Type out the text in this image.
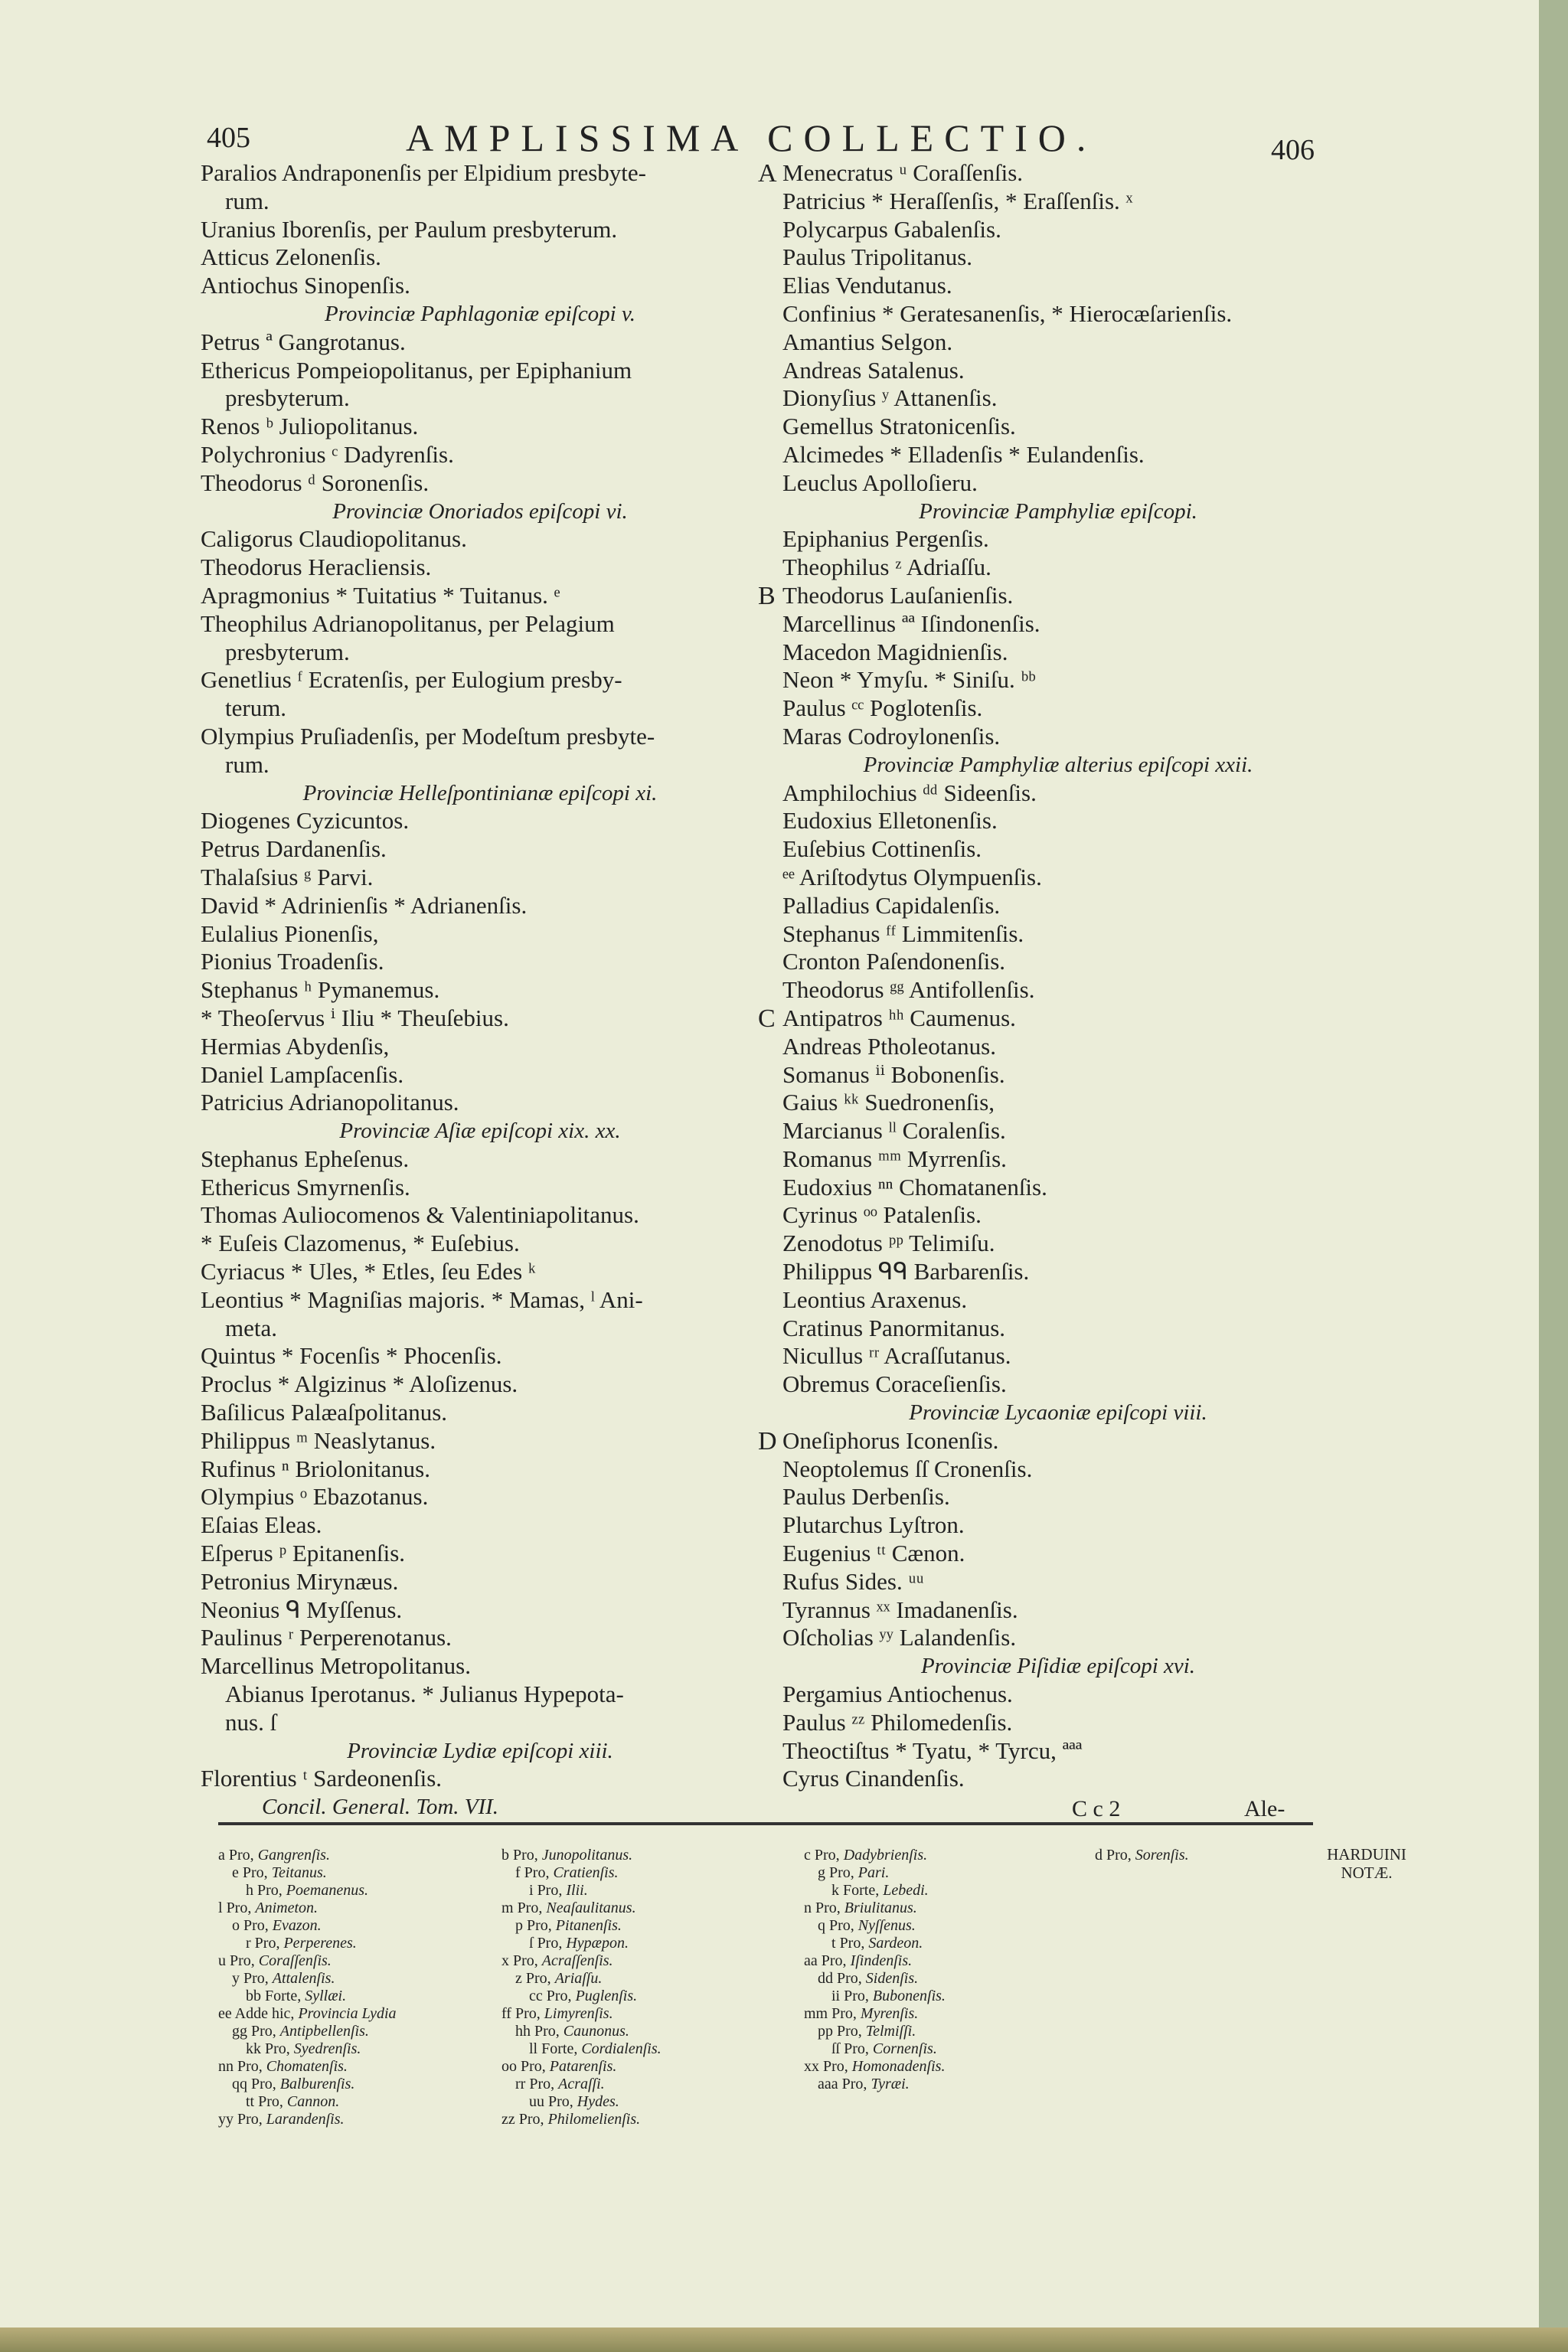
405	AMPLISSIMA COLLECTIO.	406
Paralios Andraponenſis per Elpidium presbyte-
rum.
Uranius Iborenſis, per Paulum presbyterum.
Atticus Zelonenſis.
Antiochus Sinopenſis.
Provinciæ Paphlagoniæ epiſcopi v.
Petrus ª Gangrotanus.
Ethericus Pompeiopolitanus, per Epiphanium
presbyterum.
Renos ᵇ Juliopolitanus.
Polychronius ᶜ Dadyrenſis.
Theodorus ᵈ Soronenſis.
Provinciæ Onoriados epiſcopi vi.
Caligorus Claudiopolitanus.
Theodorus Heracliensis.
Apragmonius * Tuitatius * Tuitanus. ᵉ
Theophilus Adrianopolitanus, per Pelagium
presbyterum.
Genetlius ᶠ Ecratenſis, per Eulogium presby-
terum.
Olympius Pruſiadenſis, per Modeſtum presbyte-
rum.
Provinciæ Helleſpontinianæ epiſcopi xi.
Diogenes Cyzicuntos.
Petrus Dardanenſis.
Thalaſsius ᵍ Parvi.
David * Adrinienſis * Adrianenſis.
Eulalius Pionenſis,
Pionius Troadenſis.
Stephanus ʰ Pymanemus.
* Theoſervus ⁱ Iliu * Theuſebius.
Hermias Abydenſis,
Daniel Lampſacenſis.
Patricius Adrianopolitanus.
Provinciæ Aſiæ epiſcopi xix. xx.
Stephanus Epheſenus.
Ethericus Smyrnenſis.
Thomas Auliocomenos & Valentiniapolitanus.
* Euſeis Clazomenus, * Euſebius.
Cyriacus * Ules, * Etles, ſeu Edes ᵏ
Leontius * Magniſias majoris. * Mamas, ˡ Ani-
meta.
Quintus * Focenſis * Phocenſis.
Proclus * Algizinus * Aloſizenus.
Baſilicus Palæaſpolitanus.
Philippus ᵐ Neaslytanus.
Rufinus ⁿ Briolonitanus.
Olympius ᵒ Ebazotanus.
Eſaias Eleas.
Eſperus ᵖ Epitanenſis.
Petronius Mirynæus.
Neonius ᑫ Myſſenus.
Paulinus ʳ Perperenotanus.
Marcellinus Metropolitanus.
Abianus Iperotanus. * Julianus Hypepota-
nus. ſ
Provinciæ Lydiæ epiſcopi xiii.
Florentius ᵗ Sardeonenſis.
Concil. General. Tom. VII.
Menecratus ᵘ Coraſſenſis.
Patricius * Heraſſenſis, * Eraſſenſis. ˣ
Polycarpus Gabalenſis.
Paulus Tripolitanus.
Elias Vendutanus.
Confinius * Geratesanenſis, * Hierocæſarienſis.
Amantius Selgon.
Andreas Satalenus.
Dionyſius ʸ Attanenſis.
Gemellus Stratonicenſis.
Alcimedes * Elladenſis * Eulandenſis.
Leuclus Apolloſieru.
Provinciæ Pamphyliæ epiſcopi.
Epiphanius Pergenſis.
Theophilus ᶻ Adriaſſu.
Theodorus Lauſanienſis.
Marcellinus ªª Iſindonenſis.
Macedon Magidnienſis.
Neon * Ymyſu. * Siniſu. ᵇᵇ
Paulus ᶜᶜ Poglotenſis.
Maras Codroylonenſis.
Provinciæ Pamphyliæ alterius epiſcopi xxii.
Amphilochius ᵈᵈ Sideenſis.
Eudoxius Elletonenſis.
Euſebius Cottinenſis.
ᵉᵉ Ariſtodytus Olympuenſis.
Palladius Capidalenſis.
Stephanus ᶠᶠ Limmitenſis.
Cronton Paſendonenſis.
Theodorus ᵍᵍ Antifollenſis.
Antipatros ʰʰ Caumenus.
Andreas Ptholeotanus.
Somanus ⁱⁱ Bobonenſis.
Gaius ᵏᵏ Suedronenſis,
Marcianus ˡˡ Coralenſis.
Romanus ᵐᵐ Myrrenſis.
Eudoxius ⁿⁿ Chomatanenſis.
Cyrinus ᵒᵒ Patalenſis.
Zenodotus ᵖᵖ Telimiſu.
Philippus ᑫᑫ Barbarenſis.
Leontius Araxenus.
Cratinus Panormitanus.
Nicullus ʳʳ Acraſſutanus.
Obremus Coraceſienſis.
Provinciæ Lycaoniæ epiſcopi viii.
Oneſiphorus Iconenſis.
Neoptolemus ſſ Cronenſis.
Paulus Derbenſis.
Plutarchus Lyſtron.
Eugenius ᵗᵗ Cænon.
Rufus Sides. ᵘᵘ
Tyrannus ˣˣ Imadanenſis.
Oſcholias ʸʸ Lalandenſis.
Provinciæ Piſidiæ epiſcopi xvi.
Pergamius Antiochenus.
Paulus ᶻᶻ Philomedenſis.
Theoctiſtus * Tyatu, * Tyrcu, ªªª
Cyrus Cinandenſis.
A
B
C
D
C c 2	Ale-
a Pro, Gangrenſis.
e Pro, Teitanus.
h Pro, Poemanenus.
l Pro, Animeton.
o Pro, Evazon.
r Pro, Perperenes.
u Pro, Coraſſenſis.
y Pro, Attalenſis.
bb Forte, Syllæi.
ee Adde hic, Provincia Lydia
gg Pro, Antipbellenſis.
kk Pro, Syedrenſis.
nn Pro, Chomatenſis.
qq Pro, Balburenſis.
tt Pro, Cannon.
yy Pro, Larandenſis.
b Pro, Junopolitanus.
f Pro, Cratienſis.
i Pro, Ilii.
m Pro, Neaſaulitanus.
p Pro, Pitanenſis.
ſ Pro, Hypæpon.
x Pro, Acraſſenſis.
z Pro, Ariaſſu.
cc Pro, Puglenſis.
ff Pro, Limyrenſis.
hh Pro, Caunonus.
ll Forte, Cordialenſis.
oo Pro, Patarenſis.
rr Pro, Acraſſi.
uu Pro, Hydes.
zz Pro, Philomelienſis.
c Pro, Dadybrienſis.
g Pro, Pari.
k Forte, Lebedi.
n Pro, Briulitanus.
q Pro, Nyſſenus.
t Pro, Sardeon.
aa Pro, Iſindenſis.
dd Pro, Sidenſis.
ii Pro, Bubonenſis.
mm Pro, Myrenſis.
pp Pro, Telmiſſi.
ſſ Pro, Cornenſis.
xx Pro, Homonadenſis.
aaa Pro, Tyræi.
d Pro, Sorenſis.	HARDUINI
NOTÆ.
